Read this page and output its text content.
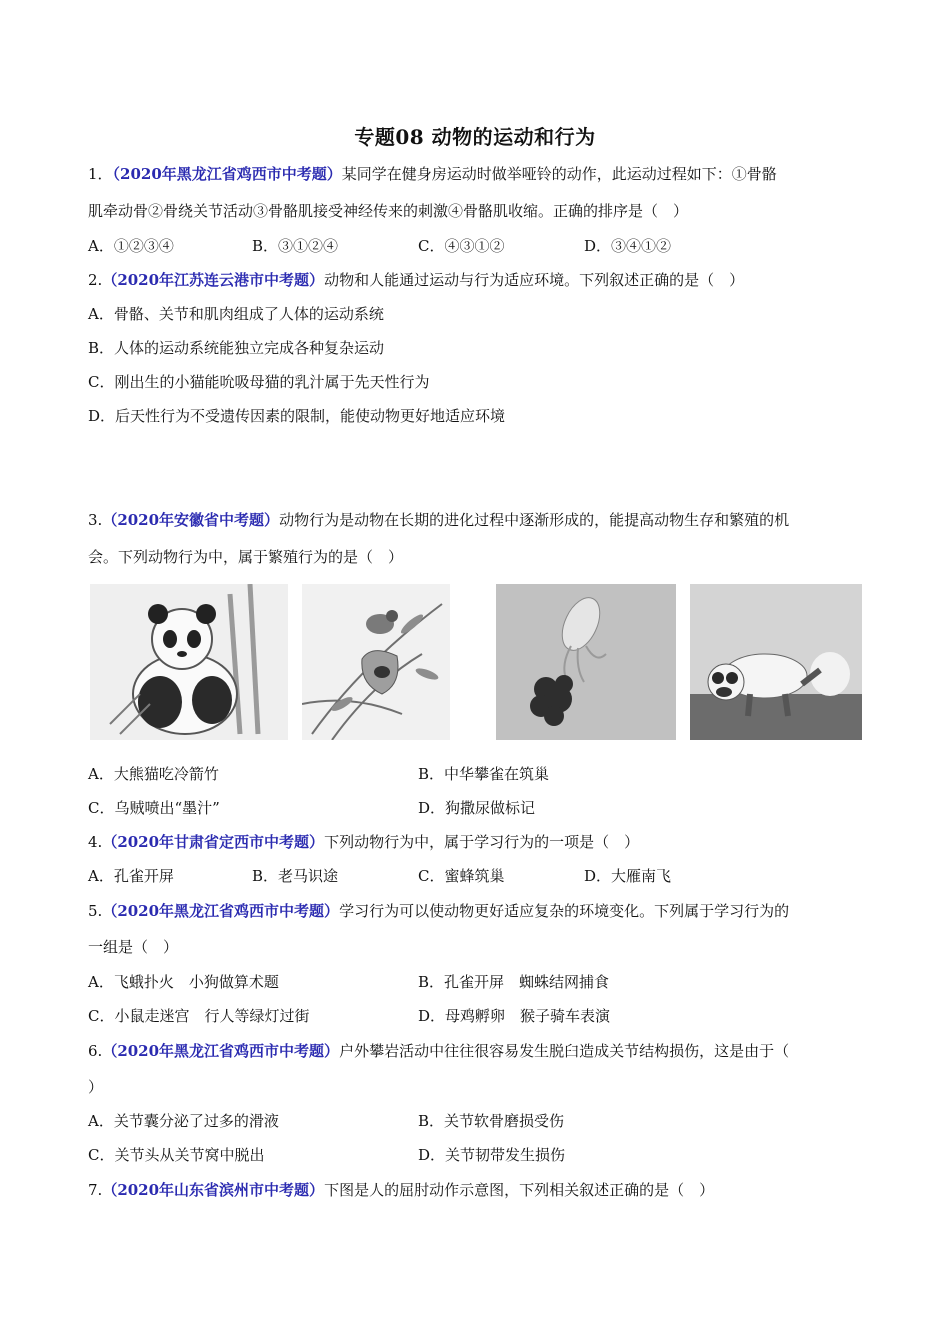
专题08 动物的运动和行为
1．（2020年黑龙江省鸡西市中考题）某同学在健身房运动时做举哑铃的动作，此运动过程如下：①骨骼
肌牵动骨②骨绕关节活动③骨骼肌接受神经传来的刺激④骨骼肌收缩。正确的排序是（　）
A．①②③④	B．③①②④	C．④③①②	D．③④①②
2.（2020年江苏连云港市中考题）动物和人能通过运动与行为适应环境。下列叙述正确的是（　）
A．骨骼、关节和肌肉组成了人体的运动系统
B．人体的运动系统能独立完成各种复杂运动
C．刚出生的小猫能吮吸母猫的乳汁属于先天性行为
D．后天性行为不受遗传因素的限制，能使动物更好地适应环境
3.（2020年安徽省中考题）动物行为是动物在长期的进化过程中逐渐形成的，能提高动物生存和繁殖的机
会。下列动物行为中，属于繁殖行为的是（　）
A．大熊猫吃冷箭竹	B．中华攀雀在筑巢
C．乌贼喷出“墨汁”	D．狗撒尿做标记
4.（2020年甘肃省定西市中考题）下列动物行为中，属于学习行为的一项是（　）
A．孔雀开屏	B．老马识途	C．蜜蜂筑巢	D．大雁南飞
5.（2020年黑龙江省鸡西市中考题）学习行为可以使动物更好适应复杂的环境变化。下列属于学习行为的
一组是（　）
A．飞蛾扑火　小狗做算术题	B．孔雀开屏　蜘蛛结网捕食
C．小鼠走迷宫　行人等绿灯过街	D．母鸡孵卵　猴子骑车表演
6.（2020年黑龙江省鸡西市中考题）户外攀岩活动中往往很容易发生脱臼造成关节结构损伤，这是由于（
）
A．关节囊分泌了过多的滑液	B．关节软骨磨损受伤
C．关节头从关节窝中脱出	D．关节韧带发生损伤
7.（2020年山东省滨州市中考题）下图是人的屈肘动作示意图，下列相关叙述正确的是（　）
